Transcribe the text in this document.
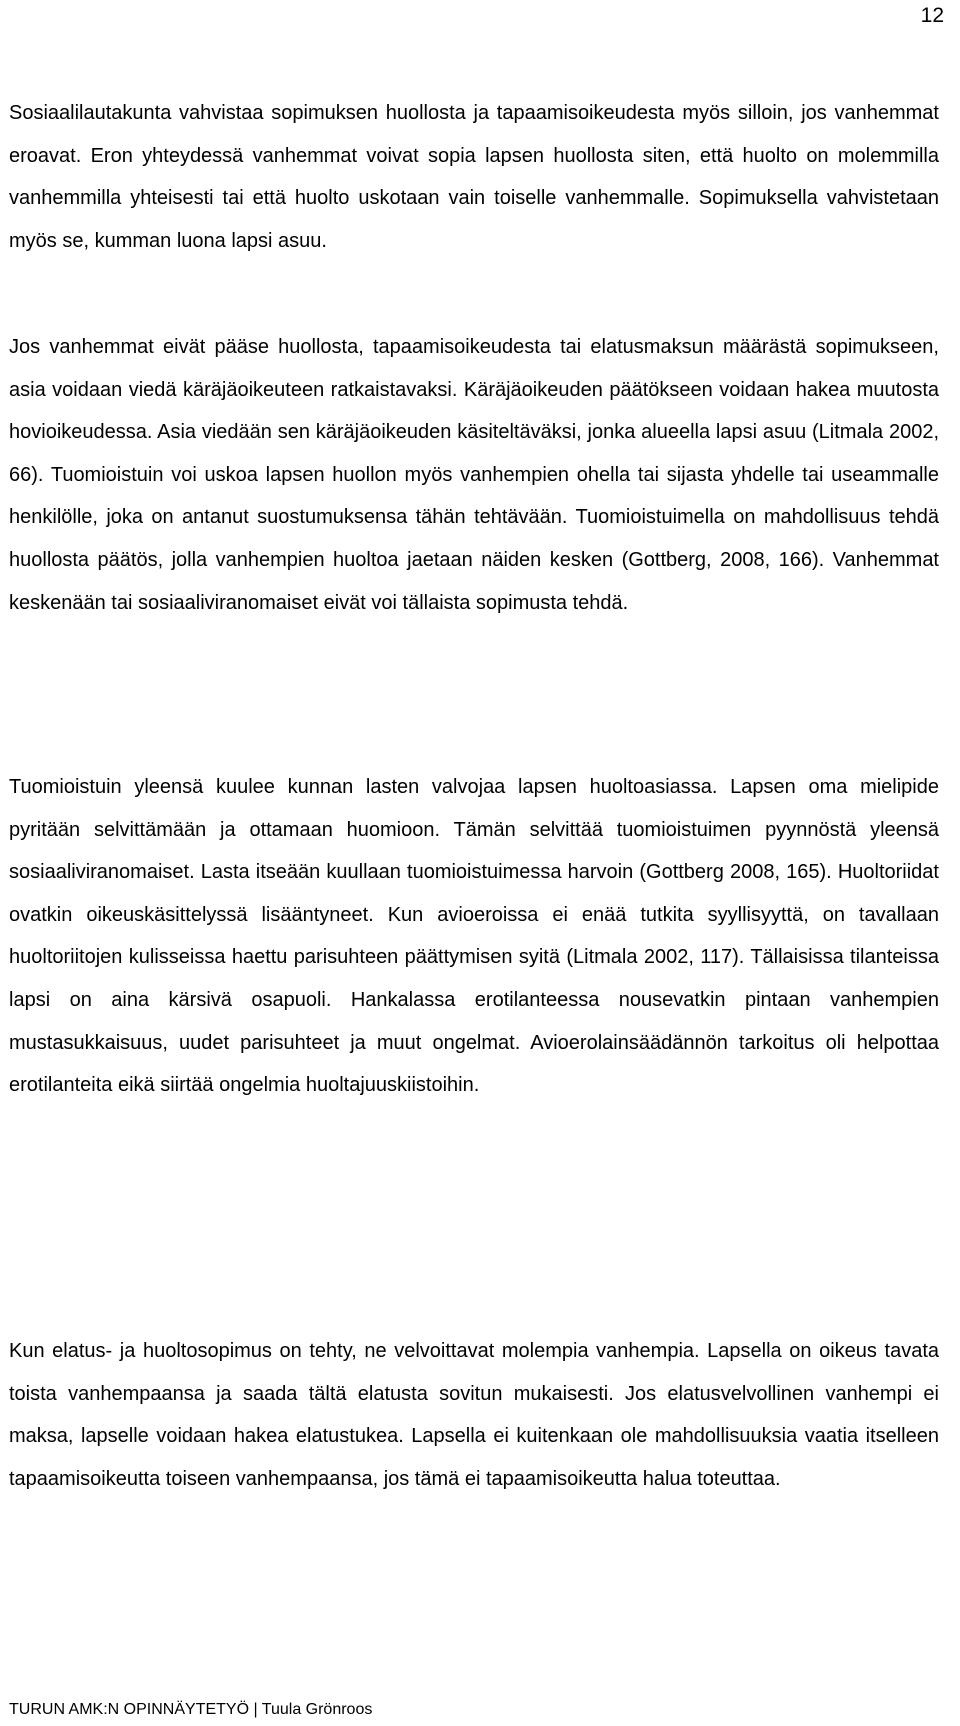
12

Sosiaalilautakunta vahvistaa sopimuksen huollosta ja tapaamisoikeudesta myös silloin, jos vanhemmat eroavat. Eron yhteydessä vanhemmat voivat sopia lapsen huollosta siten, että huolto on molemmilla vanhemmilla yhteisesti tai että huolto uskotaan vain toiselle vanhemmalle. Sopimuksella vahvistetaan myös se, kumman luona lapsi asuu.

Jos vanhemmat eivät pääse huollosta, tapaamisoikeudesta tai elatusmaksun määrästä sopimukseen, asia voidaan viedä käräjäoikeuteen ratkaistavaksi. Käräjäoikeuden päätökseen voidaan hakea muutosta hovioikeudessa. Asia viedään sen käräjäoikeuden käsiteltäväksi, jonka alueella lapsi asuu (Litmala 2002, 66). Tuomioistuin voi uskoa lapsen huollon myös vanhempien ohella tai sijasta yhdelle tai useammalle henkilölle, joka on antanut suostumuksensa tähän tehtävään. Tuomioistuimella on mahdollisuus tehdä huollosta päätös, jolla vanhempien huoltoa jaetaan näiden kesken (Gottberg, 2008, 166). Vanhemmat keskenään tai sosiaaliviranomaiset eivät voi tällaista sopimusta tehdä.

Tuomioistuin yleensä kuulee kunnan lasten valvojaa lapsen huoltoasiassa. Lapsen oma mielipide pyritään selvittämään ja ottamaan huomioon. Tämän selvittää tuomioistuimen pyynnöstä yleensä sosiaaliviranomaiset. Lasta itseään kuullaan tuomioistuimessa harvoin (Gottberg 2008, 165). Huoltoriidat ovatkin oikeuskäsittelyssä lisääntyneet. Kun avioeroissa ei enää tutkita syyllisyyttä, on tavallaan huoltoriitojen kulisseissa haettu parisuhteen päättymisen syitä (Litmala 2002, 117). Tällaisissa tilanteissa lapsi on aina kärsivä osapuoli. Hankalassa erotilanteessa nousevatkin pintaan vanhempien mustasukkaisuus, uudet parisuhteet ja muut ongelmat. Avioerolainsäädännön tarkoitus oli helpottaa erotilanteita eikä siirtää ongelmia huoltajuuskiistoihin.

Kun elatus- ja huoltosopimus on tehty, ne velvoittavat molempia vanhempia. Lapsella on oikeus tavata toista vanhempaansa ja saada tältä elatusta sovitun mukaisesti. Jos elatusvelvollinen vanhempi ei maksa, lapselle voidaan hakea elatustukea. Lapsella ei kuitenkaan ole mahdollisuuksia vaatia itselleen tapaamisoikeutta toiseen vanhempaansa, jos tämä ei tapaamisoikeutta halua toteuttaa.

TURUN AMK:N OPINNÄYTETYÖ | Tuula Grönroos
